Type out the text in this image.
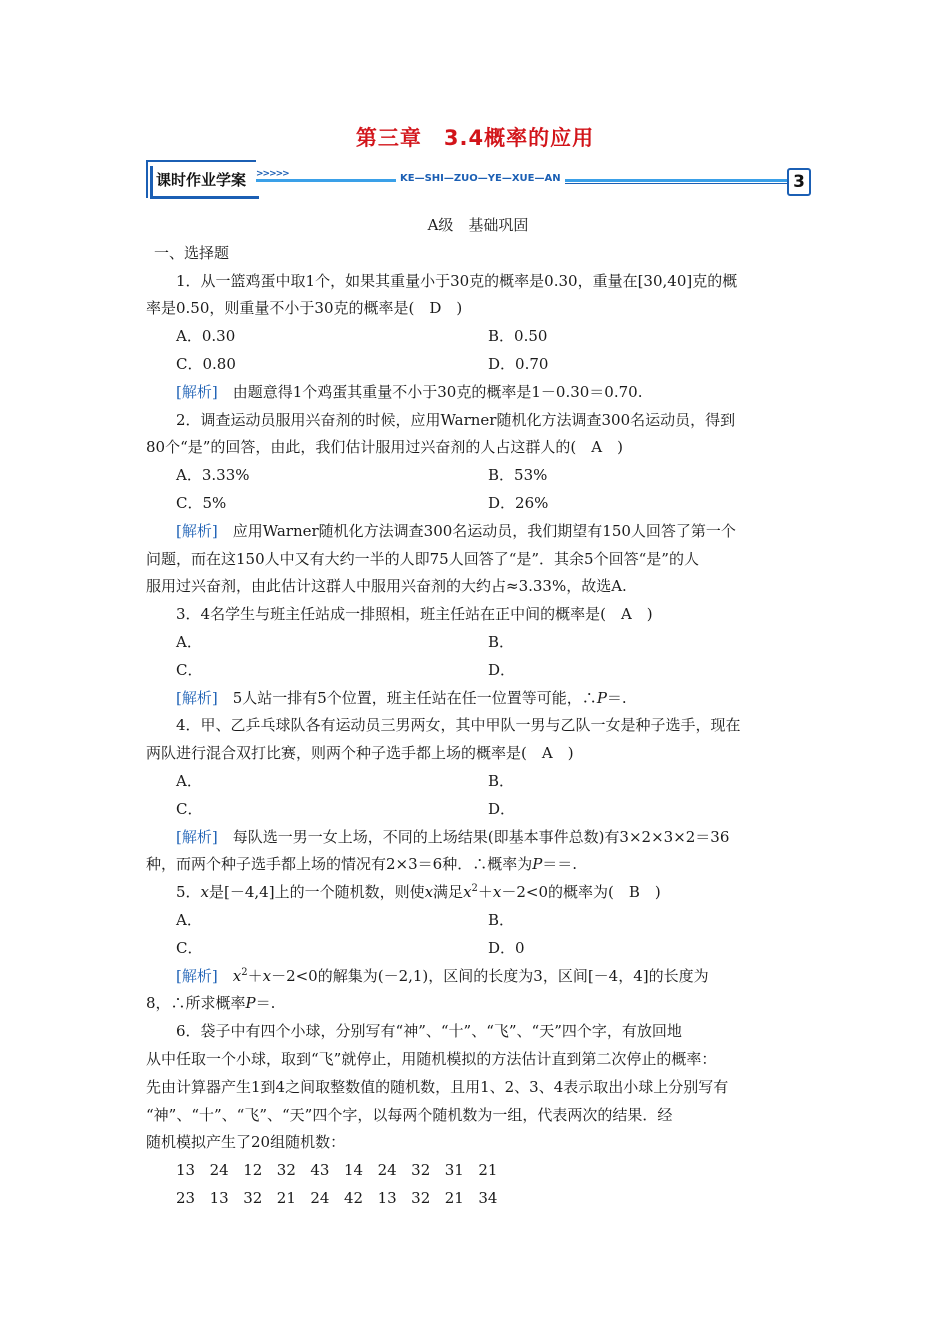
第三章　3.4概率的应用
课时作业学案 >>>>>	KE—SHI—ZUO—YE—XUE—AN	3
A级　基础巩固
一、选择题
1．从一篮鸡蛋中取1个，如果其重量小于30克的概率是0.30，重量在[30,40]克的概
率是0.50，则重量不小于30克的概率是(　D　)
A．0.30	B．0.50
C．0.80	D．0.70
[解析]　由题意得1个鸡蛋其重量不小于30克的概率是1－0.30＝0.70.
2．调查运动员服用兴奋剂的时候，应用Warner随机化方法调查300名运动员，得到
80个“是”的回答，由此，我们估计服用过兴奋剂的人占这群人的(　A　)
A．3.33%	B．53%
C．5%	D．26%
[解析]　应用Warner随机化方法调查300名运动员，我们期望有150人回答了第一个
问题，而在这150人中又有大约一半的人即75人回答了“是”．其余5个回答“是”的人
服用过兴奋剂，由此估计这群人中服用兴奋剂的大约占≈3.33%，故选A.
3．4名学生与班主任站成一排照相，班主任站在正中间的概率是(　A　)
A．	B．
C．	D．
[解析]　5人站一排有5个位置，班主任站在任一位置等可能，∴P＝.
4．甲、乙乒乓球队各有运动员三男两女，其中甲队一男与乙队一女是种子选手，现在
两队进行混合双打比赛，则两个种子选手都上场的概率是(　A　)
A．	B．
C．	D．
[解析]　每队选一男一女上场，不同的上场结果(即基本事件总数)有3×2×3×2＝36
种，而两个种子选手都上场的情况有2×3＝6种．∴概率为P＝＝.
5．x是[－4,4]上的一个随机数，则使x满足$x^2+x-2<0$的概率为(　B　)
A．	B．
C．	D．0
[解析]　 $x^2+x-2<0$的解集为(－2,1)，区间的长度为3，区间[－4，4]的长度为
8，∴所求概率P＝.
6．袋子中有四个小球，分别写有“神”、“十”、“飞”、“天”四个字，有放回地
从中任取一个小球，取到“飞”就停止，用随机模拟的方法估计直到第二次停止的概率：
先由计算器产生1到4之间取整数值的随机数，且用1、2、3、4表示取出小球上分别写有
“神”、“十”、“飞”、“天”四个字，以每两个随机数为一组，代表两次的结果．经
随机模拟产生了20组随机数：
13 24 12 32 43 14 24 32 31 21
23 13 32 21 24 42 13 32 21 34
